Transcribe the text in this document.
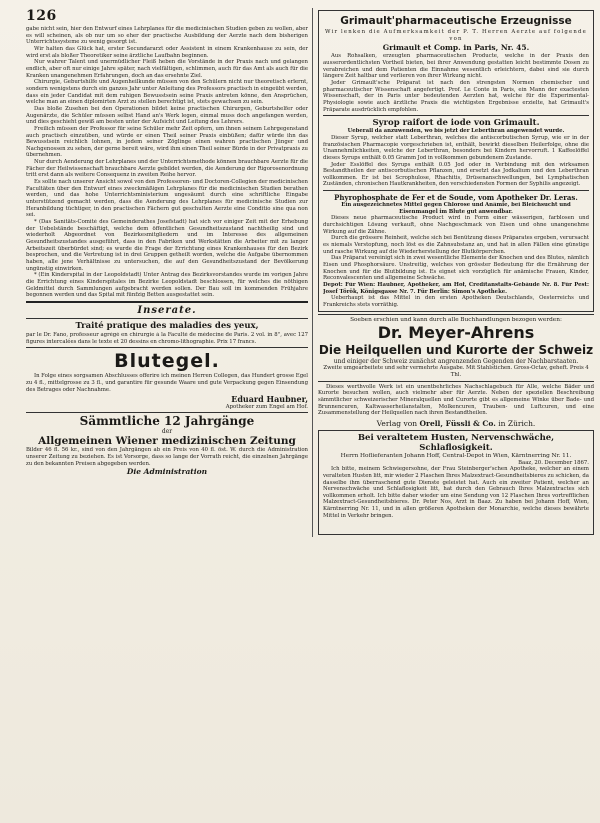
126

gabe nicht sein, hier den Entwurf eines Lehrplanes für die medicinischen Studien geben zu wollen, aber es will scheinen, als ob nur um so eher der practische Ausbildung der Aerzte nach dem bisherigen Unterrichtssysteme zu wenig gesorgt ist.

Wir halten das Glück hat, erster Secundararzt oder Assistent in einem Krankenhause zu sein, der wird erst als bloßer Theoretiker seine ärztliche Laufbahn beginnen.

Nur wahrer Talent und unermüdlicher Fleiß heben die Vorstände in der Praxis nach und gelangen endlich, aber oft nur einige Jahre später, nach vielfältigen, schlimmen, auch für das Amt als auch für die Kranken unangenehmen Erfahrungen, doch an das ersehnte Ziel.

Chirurgie, Geburtshilfe und Augenheilkunde müssen von den Schülern nicht nur theoretisch erlernt, sondern wenigstens durch ein ganzes Jahr unter Anleitung des Professors practisch in eingeübt werden, dass ein jeder Candidat mit dem ruhigen Bewusstsein seine Praxis antreten könne, den Ansprüchen, welche man an einen diplomirten Arzt zu stellen berechtigt ist, stets gewachsen zu sein.

Das bloße Zusehen bei den Operationen bildet keine practischen Chirurgen, Geburtshelfer oder Augenärzte, die Schüler müssen selbst Hand an's Werk legen, einmal muss doch angefangen werden, und dies geschieht gewiß am besten unter der Aufsicht und Leitung des Lehrers.

Freilich müssen der Professor für seine Schüler mehr Zeit opfern, um ihnen seinem Lehrgegenstand auch practisch einzuüben, und würde er einen Theil seiner Praxis einbüßen; dafür würde ihn das Bewusstsein reichlich lohnen, in jedem seiner Zöglinge einen wahren practischen Jünger und Nachgenossen zu sehen, der gerne bereit wäre, wird ihm einen Theil seiner Bürde in der Privatpraxis zu übernehmen.

Nur durch Aenderung der Lehrplanes und der Unterrichtsmethode können brauchbare Aerzte für die Fächer der Heilwissenschaft brauchbare Aerzte gebildet werden, die Aenderung der Rigorosenordnung tritt erst dann als weitere Consequenz in zweiten Reihe hervor.

Es sollte nach unserer Ansicht sowol von den Professoren- und Doctoren-Collegien der medicinischen Facultäten über den Entwurf eines zweckmäßigen Lehrplanes für die medicinischen Studien berathen werden, und das hohe Unterrichtsministerium ungesäumt durch eine schriftliche Eingabe unterstützend gemacht werden, dass die Aenderung des Lehrplanes für medicinische Studien zur Heranbildung tüchtiger, in den practischen Fächern gut geschulten Aerzte eine Conditio sine qua non sei.

* (Das Sanitäts-Comité des Gemeinderathes Josefstadt) hat sich vor einiger Zeit mit der Erhebung der Uebelstände beschäftigt, welche dem öffentlichen Gesundheitszustand nachtheilig sind und wiederholt Abgeordnet von Bezirkesmitgliedern und im Interesse des allgemeinen Gesundheitszustandes ausgeführt, dass in den Fabriken und Werkstätten die Arbeiter mit zu langer Arbeitszeit überbürdet sind; es wurde die Frage der Errichtung eines Krankenhauses für den Bezirk besprochen, und die Vertretung ist in drei Gruppen getheilt worden, welche die Aufgabe übernommen haben, alle jene Verhältnisse zu untersuchen, die auf den Gesundheitszustand der Bevölkerung ungünstig einwirken.

* (Ein Kinderspital in der Leopoldstadt) Unter Antrag des Bezirksvorstandes wurde im vorigen Jahre die Errichtung eines Kinderspitales im Bezirke Leopoldstadt beschlossen, für welches die nöthigen Geldmittel durch Sammlungen aufgebracht werden sollen. Der Bau soll im kommenden Frühjahre begonnen werden und das Spital mit fünfzig Betten ausgestattet sein.

Inserate.
Traité pratique des maladies des yeux,

par le Dr. Fano, professeur agrégé en chirurgie à la Faculté de médecine de Paris. 2 vol. in 8°, avec 127 figures intercalées dans le texte et 20 dessins en chromo-lithographie. Prix 17 francs.

Blutegel.

In Folge eines sorgsamen Abschlusses offerire ich meinen Herren Collegen, das Hundert grosse Egel zu 4 fl., mittelgrosse zu 3 fl., und garantire für gesunde Waare und gute Verpackung gegen Einsendung des Betrages oder Nachnahme.

Eduard Haubner,
Apotheker zum Engel am Hof.
Sämmtliche 12 Jahrgänge
der
Allgemeinen Wiener medizinischen Zeitung

Bilder 46 fl. 56 kr., sind von den Jahrgängen ab ein Preis von 40 fl. öst. W. durch die Administration unserer Zeitung zu beziehen. Es ist Vorsorge, dass so lange der Vorrath reicht, die einzelnen Jahrgänge zu den bekannten Preisen abgegeben werden.

Die Administration
Grimault'pharmaceutische Erzeugnisse

Wir lenken die Aufmerksamkeit der P. T. Herren Aerzte auf folgende von

Grimault et Comp. in Paris, Nr. 45.

Aus Rohsalken, erzeugten pharmaceutischen Producte, welche in der Praxis den ausserordentlichsten Vortheil bieten, bei ihrer Anwendung gestatten leicht bestimmte Dosen zu verabreichen und dem Patienten die Einnahme wesentlich erleichtern, dabei sind sie durch längere Zeit haltbar und verlieren von ihrer Wirkung nicht.

Jeder Grimault'sche Präparat ist nach den strengsten Normen chemischer und pharmaceutischer Wissenschaft angefertigt. Prof. Le Conte in Paris, ein Mann der exactesten Wissenschaft, der in Paris unter bedeutenden Aerzten hat, welche für die Experimental-Physiologie sowie auch ärztliche Praxis die wichtigsten Ergebnisse erzielte, hat Grimault's Präparate ausdrücklich empfohlen.

Syrop raifort de iode von Grimault.

Ueberall da anzuwenden, wo bis jetzt der Leberthran angewendet wurde.

Dieser Syrup, welcher statt Leberthran, welches die antiscorbutischen Syrup, wie er in der französischen Pharmacopie vorgeschrieben ist, enthält, bewirkt dieselben Heilerfolge, ohne die Unannehmlichkeiten, welche der Leberthran, besonders bei Kindern hervorruft. 1 Kaffeelöffel dieses Syrups enthält 0.05 Gramm Jod in vollkommen gebundenem Zustande.

Jeder Esslöffel des Syrups enthält 0.05 Jod oder in Verbindung mit den wirksamen Bestandtheilen der antiscorbutischen Pflanzen, und ersetzt das Jodkalium und den Leberthran vollkommen. Er ist bei Scrophulose, Rhachitis, Drüsenanschwellungen, bei Lymphatischen Zuständen, chronischen Hautkrankheiten, den verschiedensten Formen der Syphilis angezeigt.

Phyrophosphate de Fer et de Soude, vom Apotheker Dr. Leras.

Ein ausgezeichnetes Mittel gegen Chlorose und Anämie, bei Bleichsucht und Eisenmangel im Blute gut anwendbar.

Dieses neue pharmaceutische Product wird in Form einer wässerigen, farblosen und durchsichtigen Lösung verkauft, ohne Nachgeschmack von Eisen und ohne unangenehme Wirkung auf die Zähne.

Durch die grössere Reinheit, welche sich bei Benützung dieses Präparates ergeben, verursacht es niemals Verstopfung, noch löst es die Zahnsubstanz an, und hat in allen Fällen eine günstige und rasche Wirkung auf die Wiederherstellung der Blutkörperchen.

Das Präparat vereinigt sich in zwei wesentliche Elemente der Knochen und des Blutes, nämlich Eisen und Phosphorsäure. Unstreitig, welches von grösster Bedeutung für die Ernährung der Knochen und für die Blutbildung ist. Es eignet sich vorzüglich für anämische Frauen, Kinder, Reconvalescenten und allgemeine Schwäche.

Depot: Für Wien: Haubner, Apotheker, am Hof, Creditanstalts-Gebäude Nr. 8. Für Pest: Josef Török, Königsgasse Nr. 7. Für Berlin: Simon's Apotheke.

Ueberhaupt ist das Mittel in den ersten Apotheken Deutschlands, Oesterreichs und Frankreichs stets vorräthig.

Soeben erschien und kann durch alle Buchhandlungen bezogen werden:

Dr. Meyer-Ahrens
Die Heilquellen und Kurorte der Schweiz

und einiger der Schweiz zunächst angrenzenden Gegenden der Nachbarstaaten.

Zweite umgearbeitete und sehr vermehrte Ausgabe. Mit Stahlstichen. Gross-Octav, geheft. Preis 4 Thl.

Dieses werthvolle Werk ist ein unentbehrliches Nachschlagebuch für Alle, welche Bäder und Kurorte besuchen wollen, auch vielmehr aber für Aerzte. Neben der speziellen Beschreibung sämmtlicher schweizerischer Mineralquellen und Curorte gibt es allgemeine Winke über Bade- und Brunnencuren, Kaltwasserheilanstalten, Molkencuren, Trauben- und Luftcuren, und eine Zusammenstellung der Heilquellen nach ihren Bestandtheilen.

Verlag von Orell, Füssli & Co. in Zürich.
Bei veraltetem Husten, Nervenschwäche, Schlaflosigkeit.

Herrn Hoflieferanten Johann Hoff, Central-Depot in Wien, Kärntnerring Nr. 11.

Baaz, 20. December 1867.

Ich bitte, meinem Schwiegersohne, der Frau Steinberger'schen Apotheke, welcher an einem veralteten Husten litt, mir wieder 2 Flaschen Ihres Malzextract-Gesundheitsbieres zu schicken, da dasselbe ihm überraschend gute Dienste geleistet hat. Auch ein zweiter Patient, welcher an Nervenschwäche und Schlaflosigkeit litt, hat durch den Gebrauch Ihres Malzextractes sich vollkommen erholt. Ich bitte daher wieder um eine Sendung von 12 Flaschen Ihres vortrefflichen Malzextract-Gesundheitsbieres. Dr. Peter Nos, Arzt in Baaz. Zu haben bei Johann Hoff, Wien, Kärntnerring Nr. 11, und in allen größeren Apotheken der Monarchie, welche dieses bewährte Mittel in Verkehr bringen.
